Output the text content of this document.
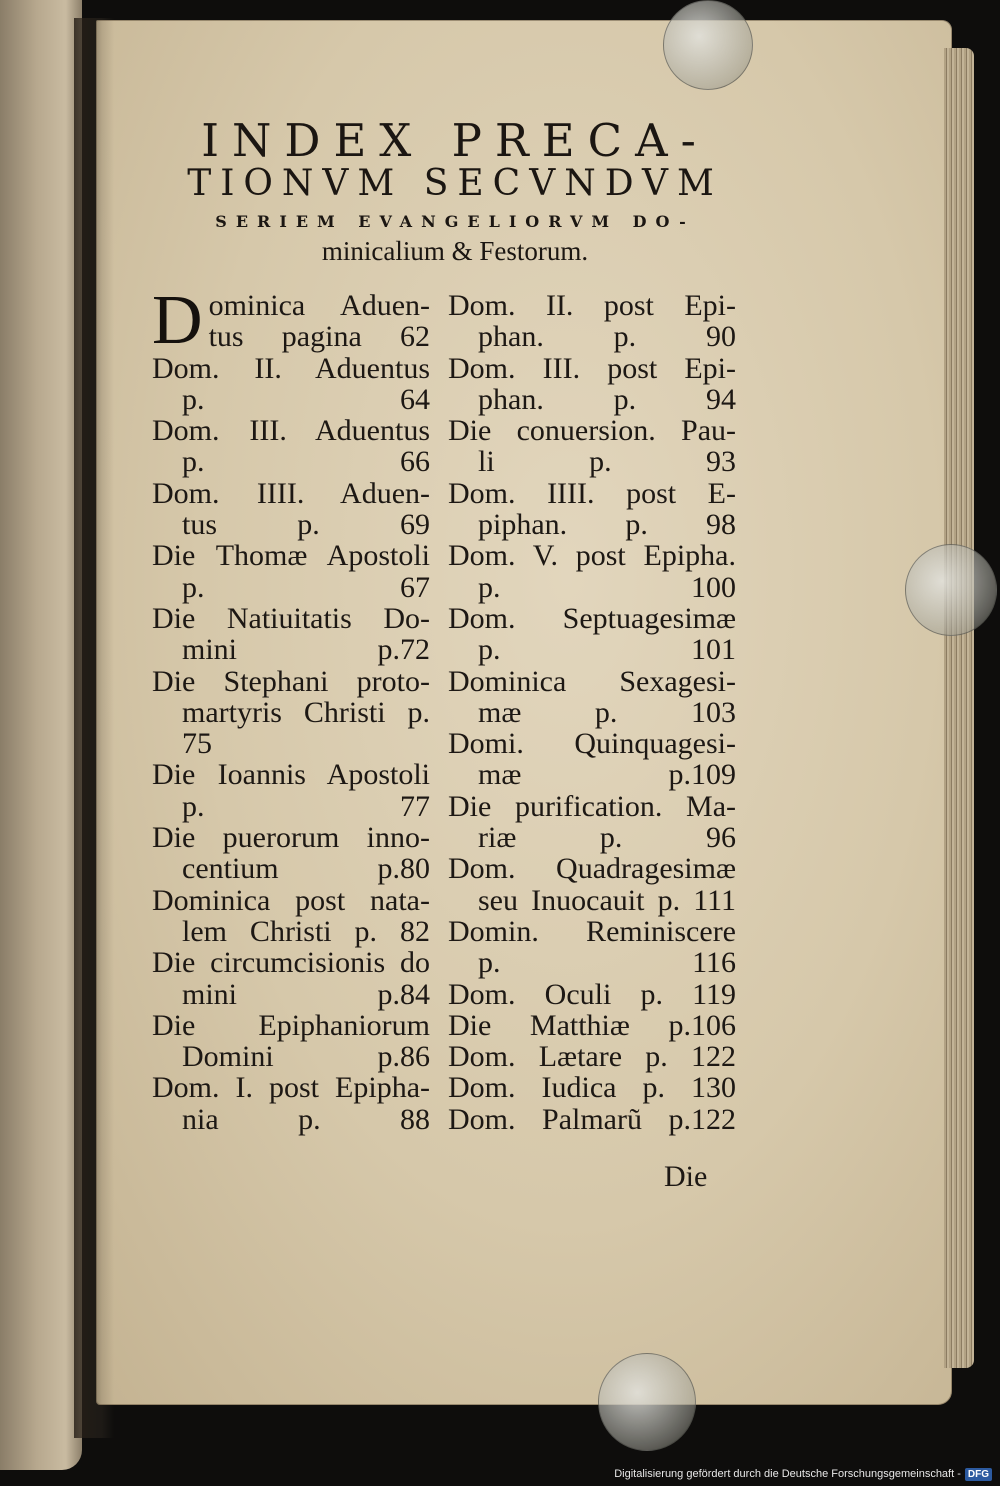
INDEX PRECA-
TIONVM SECVNDVM
SERIEM EVANGELIORVM DO-
minicalium & Festorum.
D ominica Aduen-
tus pagina 62
Dom. II. Aduentus
p. 64
Dom. III. Aduentus
p. 66
Dom. IIII. Aduen-
tus p. 69
Die Thomæ Apostoli
p. 67
Die Natiuitatis Do-
mini p.72
Die Stephani proto-
martyris Christi p.
75
Die Ioannis Apostoli
p. 77
Die puerorum inno-
centium p.80
Dominica post nata-
lem Christi p. 82
Die circumcisionis do
mini p.84
Die Epiphaniorum
Domini p.86
Dom. I. post Epipha-
nia p. 88
Dom. II. post Epi-
phan. p. 90
Dom. III. post Epi-
phan. p. 94
Die conuersion. Pau-
li p. 93
Dom. IIII. post E-
piphan. p. 98
Dom. V. post Epipha.
p. 100
Dom. Septuagesimæ
p. 101
Dominica Sexagesi-
mæ p. 103
Domi. Quinquagesi-
mæ p.109
Die purification. Ma-
riæ p. 96
Dom. Quadragesimæ
seu Inuocauit p. 111
Domin. Reminiscere
p. 116
Dom. Oculi p. 119
Die Matthiæ p.106
Dom. Lætare p. 122
Dom. Iudica p. 130
Dom. Palmarũ p.122
Die
Digitalisierung gefördert durch die Deutsche Forschungsgemeinschaft - DFG
